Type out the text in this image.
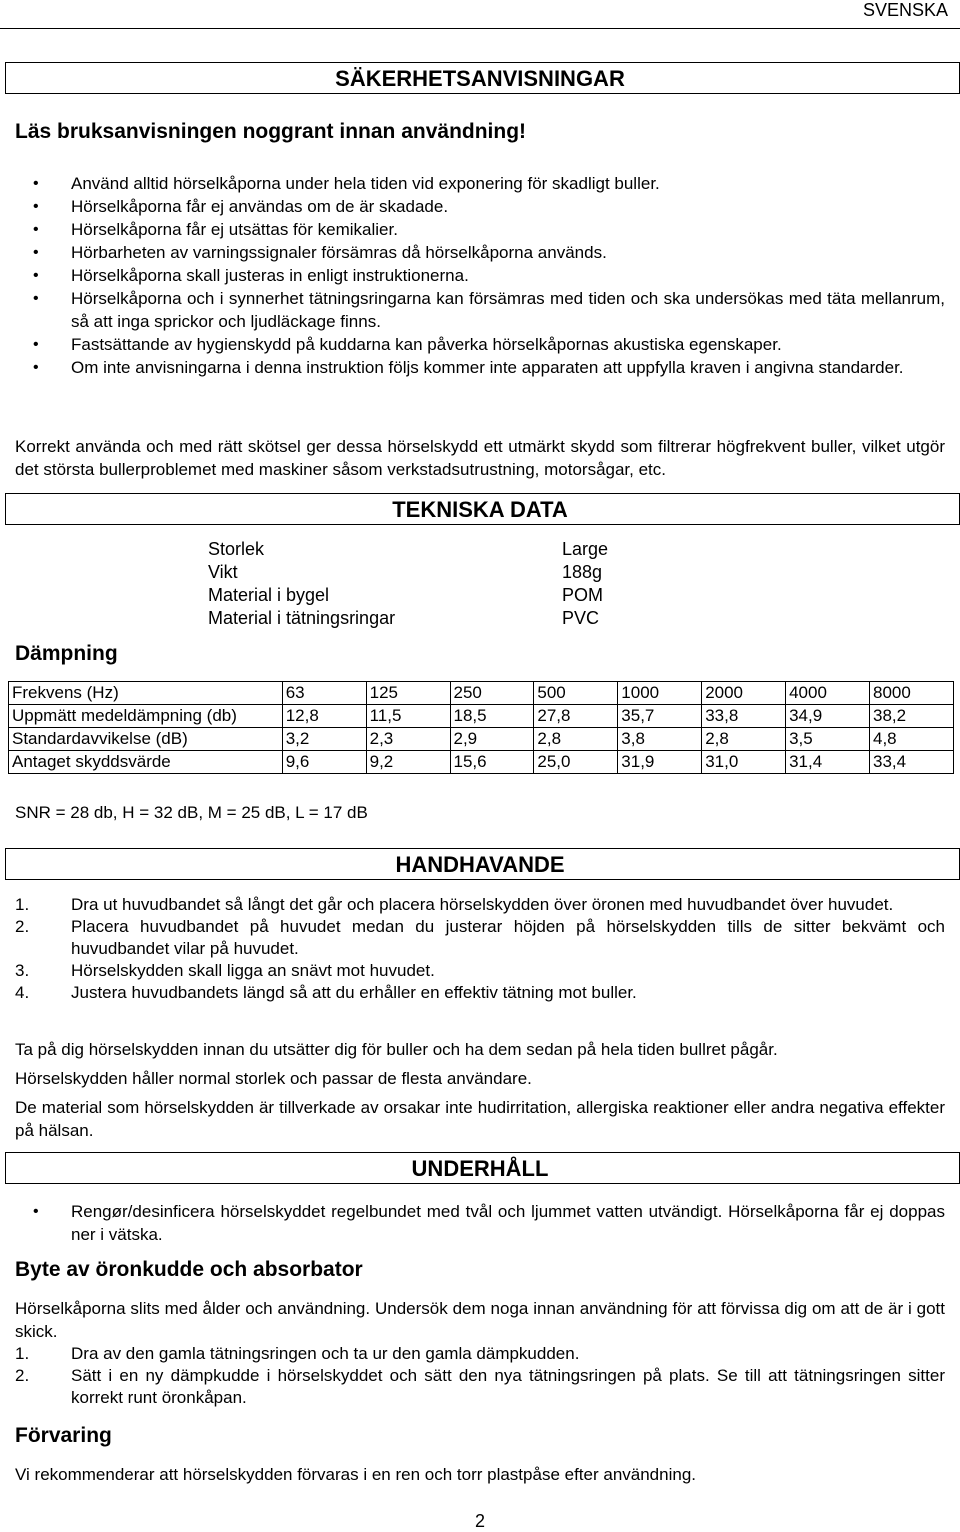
SVENSKA
SÄKERHETSANVISNINGAR
Läs bruksanvisningen noggrant innan användning!
• Använd alltid hörselkåporna under hela tiden vid exponering för skadligt buller.
• Hörselkåporna får ej användas om de är skadade.
• Hörselkåporna får ej utsättas för kemikalier.
• Hörbarheten av varningssignaler försämras då hörselkåporna används.
• Hörselkåporna skall justeras in enligt instruktionerna.
• Hörselkåporna och i synnerhet tätningsringarna kan försämras med tiden och ska undersökas med täta mellanrum, så att inga sprickor och ljudläckage finns.
• Fastsättande av hygienskydd på kuddarna kan påverka hörselkåpornas akustiska egenskaper.
• Om inte anvisningarna i denna instruktion följs kommer inte apparaten att uppfylla kraven i angivna standarder.

Korrekt använda och med rätt skötsel ger dessa hörselskydd ett utmärkt skydd som filtrerar högfrekvent buller, vilket utgör det största bullerproblemet med maskiner såsom verkstadsutrustning, motorsågar, etc.

TEKNISKA DATA
Storlek	Large
Vikt	188g
Material i bygel	POM
Material i tätningsringar	PVC
Dämpning
Frekvens (Hz)	63	125	250	500	1000	2000	4000	8000
Uppmätt medeldämpning (db)	12,8	11,5	18,5	27,8	35,7	33,8	34,9	38,2
Standardavvikelse (dB)	3,2	2,3	2,9	2,8	3,8	2,8	3,5	4,8
Antaget skyddsvärde	9,6	9,2	15,6	25,0	31,9	31,0	31,4	33,4
SNR = 28 db, H = 32 dB, M = 25 dB, L = 17 dB
HANDHAVANDE
1. Dra ut huvudbandet så långt det går och placera hörselskydden över öronen med huvudbandet över huvudet.
2. Placera huvudbandet på huvudet medan du justerar höjden på hörselskydden tills de sitter bekvämt och huvudbandet vilar på huvudet.
3. Hörselskydden skall ligga an snävt mot huvudet.
4. Justera huvudbandets längd så att du erhåller en effektiv tätning mot buller.

Ta på dig hörselskydden innan du utsätter dig för buller och ha dem sedan på hela tiden bullret pågår.

Hörselskydden håller normal storlek och passar de flesta användare.

De material som hörselskydden är tillverkade av orsakar inte hudirritation, allergiska reaktioner eller andra negativa effekter på hälsan.

UNDERHÅLL
• Rengør/desinficera hörselskyddet regelbundet med tvål och ljummet vatten utvändigt. Hörselkåporna får ej doppas ner i vätska.
Byte av öronkudde och absorbator

Hörselkåporna slits med ålder och användning. Undersök dem noga innan användning för att förvissa dig om att de är i gott skick.

1. Dra av den gamla tätningsringen och ta ur den gamla dämpkudden.
2. Sätt i en ny dämpkudde i hörselskyddet och sätt den nya tätningsringen på plats. Se till att tätningsringen sitter korrekt runt öronkåpan.
Förvaring

Vi rekommenderar att hörselskydden förvaras i en ren och torr plastpåse efter användning.

2
